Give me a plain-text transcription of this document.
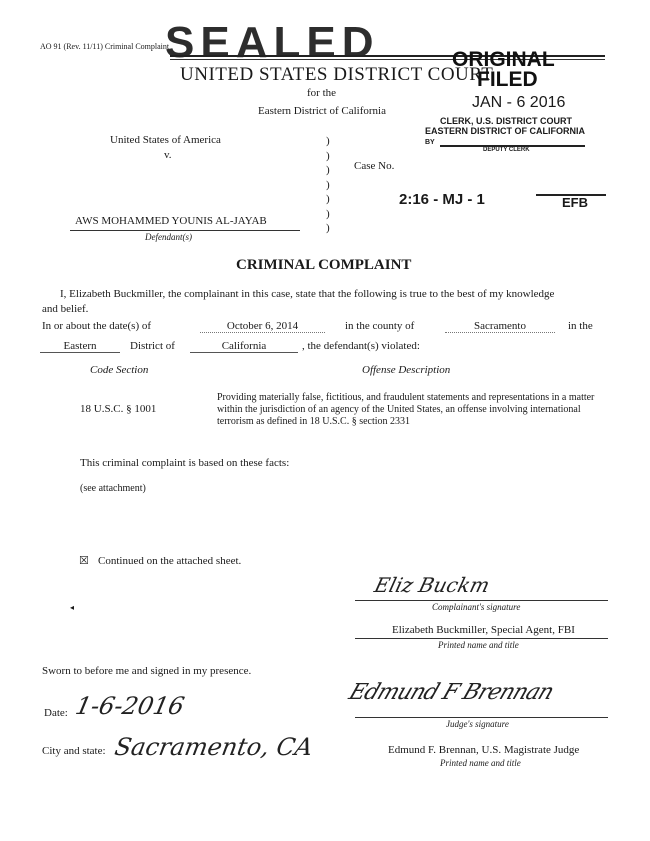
AO 91 (Rev. 11/11) Criminal Complaint
SEALED
UNITED STATES DISTRICT COURT
for the
Eastern District of California
ORIGINAL
FILED
JAN - 6 2016
CLERK, U.S. DISTRICT COURT
EASTERN DISTRICT OF CALIFORNIA
BY
DEPUTY CLERK
United States of America
v.
)
)
)
)
)
)
)
Case No.
2:16 - MJ - 1	EFB
AWS MOHAMMED YOUNIS AL-JAYAB
Defendant(s)
CRIMINAL COMPLAINT
I, Elizabeth Buckmiller, the complainant in this case, state that the following is true to the best of my knowledge
and belief.
In or about the date(s) of	October 6, 2014	in the county of	Sacramento	in the
Eastern	District of	California	, the defendant(s) violated:
Code Section	Offense Description
18 U.S.C. § 1001
Providing materially false, fictitious, and fraudulent statements and representations in a matter within the jurisdiction of an agency of the United States, an offense involving international terrorism as defined in 18 U.S.C. § section 2331
This criminal complaint is based on these facts:
(see attachment)
☒ Continued on the attached sheet.
◂
Eliz Buckm
Complainant's signature
Elizabeth Buckmiller, Special Agent, FBI
Printed name and title
Sworn to before me and signed in my presence.
Date: 1-6-2016	Edmund F Brennan
Judge's signature
City and state: Sacramento, CA	Edmund F. Brennan, U.S. Magistrate Judge
Printed name and title
